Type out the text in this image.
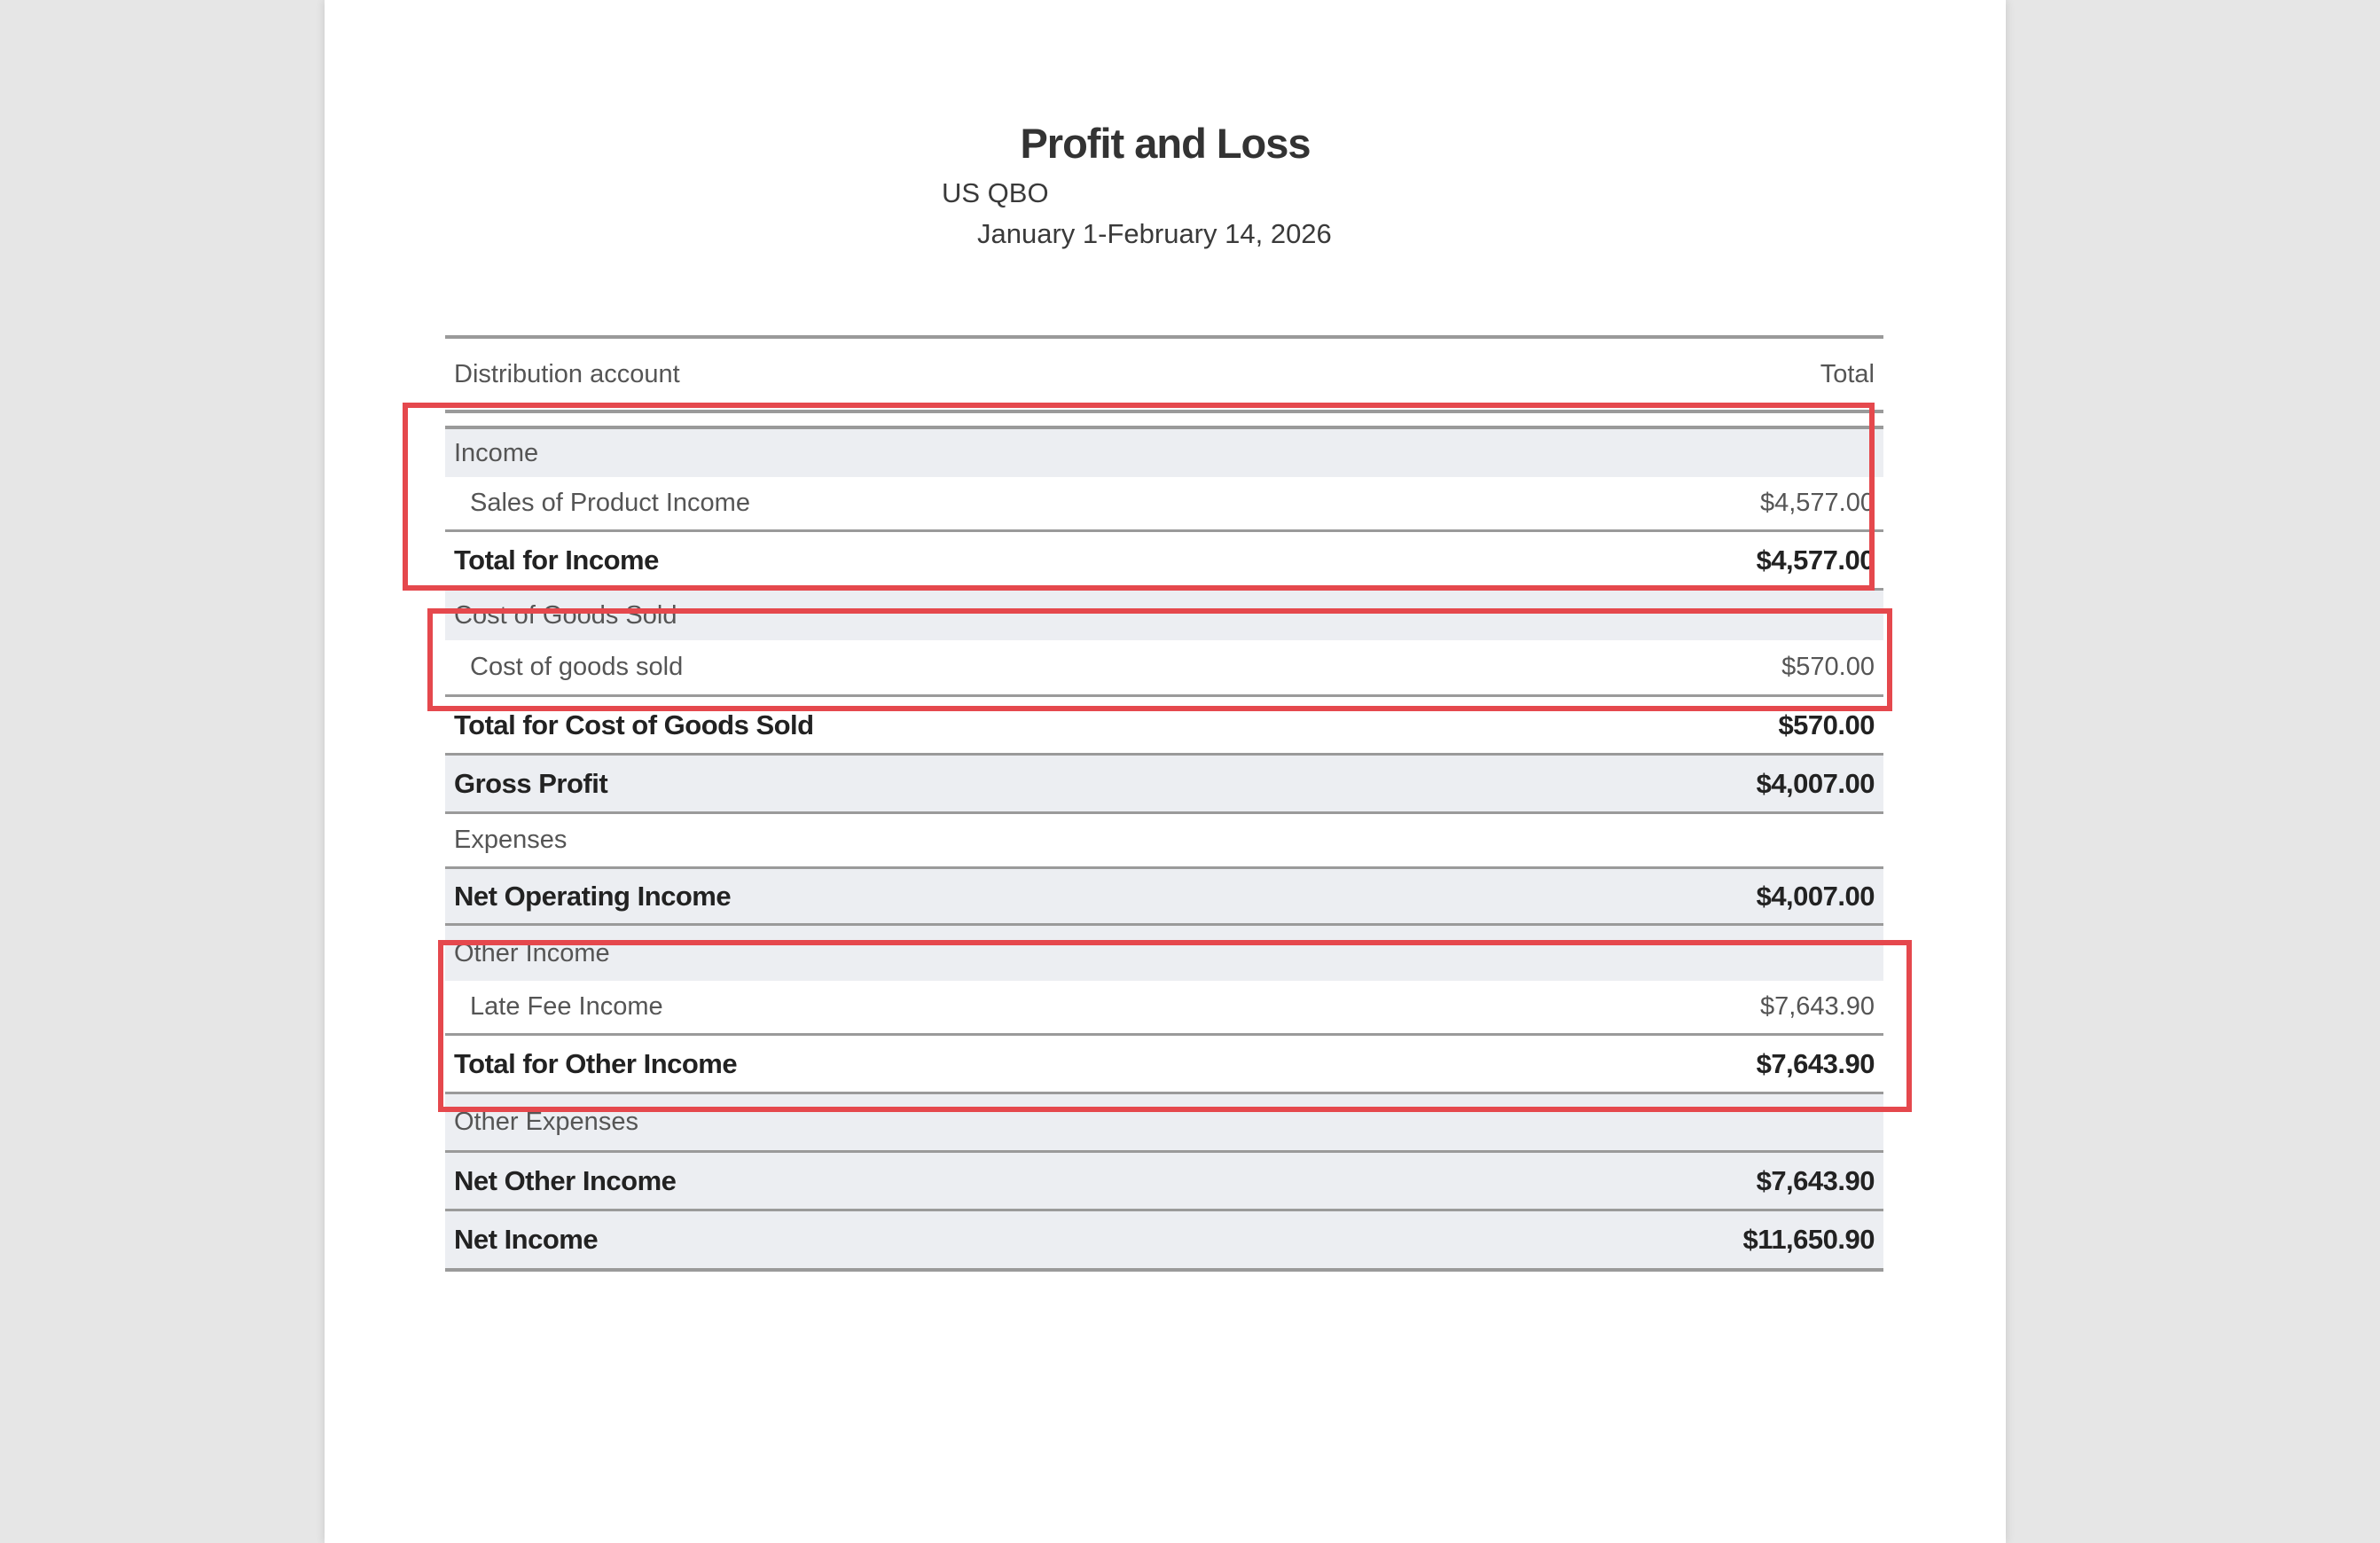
Profit and Loss
US QBO
January 1-February 14, 2026
Distribution account	Total
Income
Sales of Product Income	$4,577.00
Total for Income	$4,577.00
Cost of Goods Sold
Cost of goods sold	$570.00
Total for Cost of Goods Sold	$570.00
Gross Profit	$4,007.00
Expenses
Net Operating Income	$4,007.00
Other Income
Late Fee Income	$7,643.90
Total for Other Income	$7,643.90
Other Expenses
Net Other Income	$7,643.90
Net Income	$11,650.90
